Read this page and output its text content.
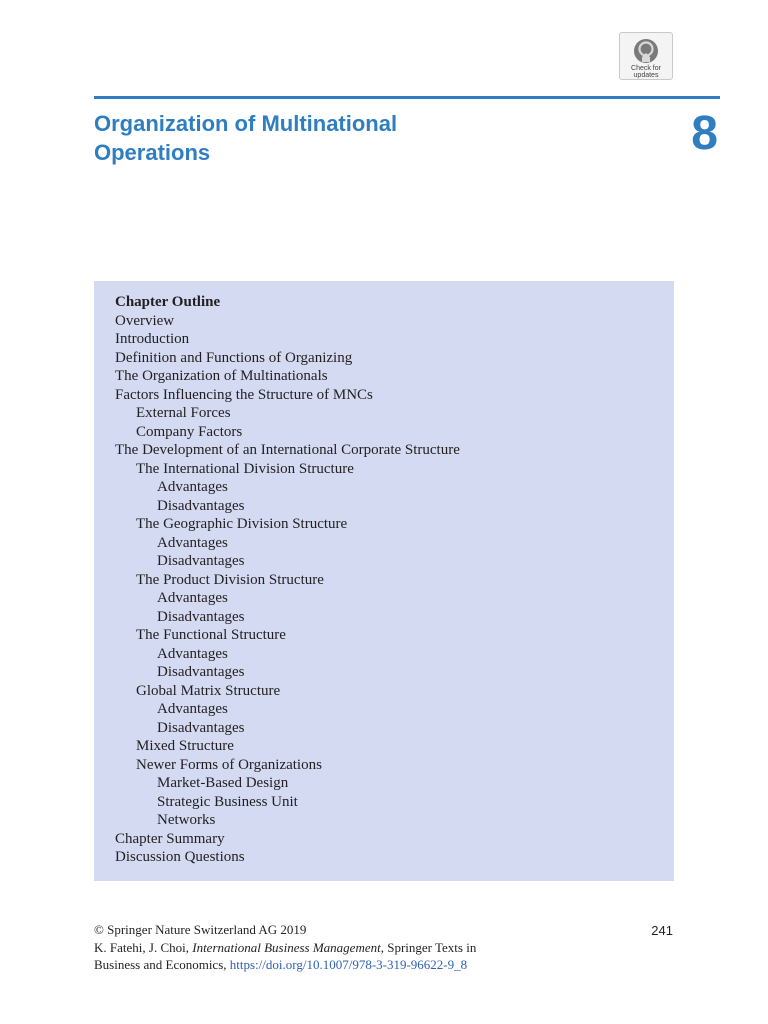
Check for
updates
Organization of Multinational
Operations	8

Chapter Outline

Overview
Introduction
Definition and Functions of Organizing
The Organization of Multinationals
Factors Influencing the Structure of MNCs
External Forces
Company Factors
The Development of an International Corporate Structure
The International Division Structure
Advantages
Disadvantages
The Geographic Division Structure
Advantages
Disadvantages
The Product Division Structure
Advantages
Disadvantages
The Functional Structure
Advantages
Disadvantages
Global Matrix Structure
Advantages
Disadvantages
Mixed Structure
Newer Forms of Organizations
Market-Based Design
Strategic Business Unit
Networks
Chapter Summary
Discussion Questions
© Springer Nature Switzerland AG 2019
K. Fatehi, J. Choi, International Business Management, Springer Texts in
Business and Economics, https://doi.org/10.1007/978-3-319-96622-9_8
241
